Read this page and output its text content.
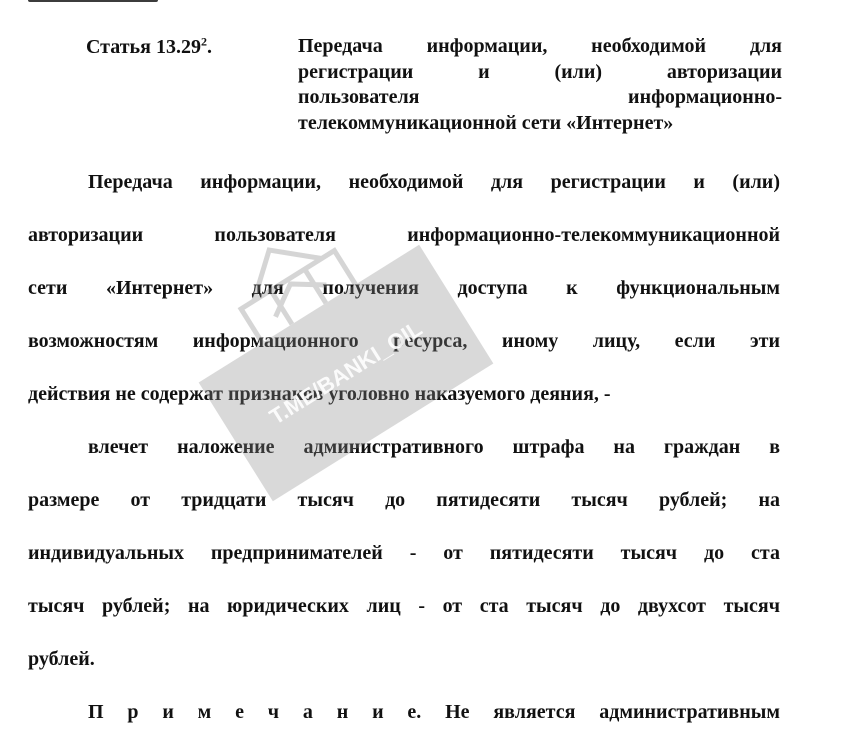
Статья 13.29$^2$.	Передача информации, необходимой для
регистрации и (или) авторизации
пользователя информационно-
телекоммуникационной сети «Интернет»
Передача информации, необходимой для регистрации и (или)
авторизации пользователя информационно-телекоммуникационной
сети «Интернет» для получения доступа к функциональным
возможностям информационного ресурса, иному лицу, если эти
действия не содержат признаков уголовно наказуемого деяния, -
влечет наложение административного штрафа на граждан в
размере от тридцати тысяч до пятидесяти тысяч рублей; на
индивидуальных предпринимателей - от пятидесяти тысяч до ста
тысяч рублей; на юридических лиц - от ста тысяч до двухсот тысяч
рублей.
П р и м е ч а н и е. Не является административным
T.ME/BANKI_OIL
